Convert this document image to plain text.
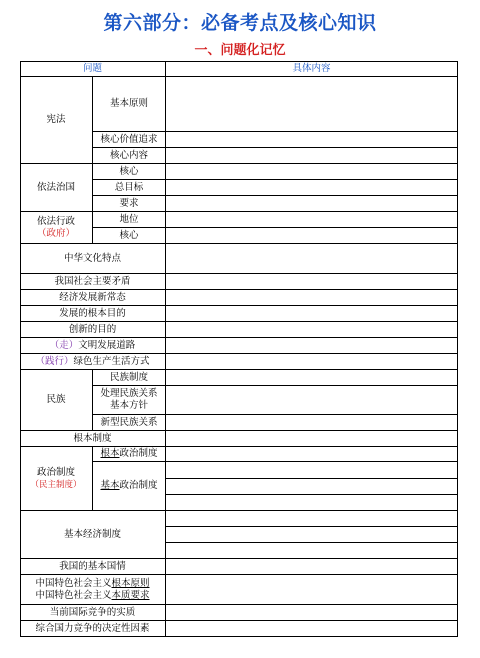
第六部分：必备考点及核心知识
一、问题化记忆
问题	具体内容
宪法
基本原则
核心价值追求
核心内容
依法治国
核心
总目标
要求
依法行政
（政府）
地位
核心
中华文化特点
我国社会主要矛盾
经济发展新常态
发展的根本目的
创新的目的
（走） 文明发展道路
（践行） 绿色生产生活方式
民族
民族制度
处理民族关系
基本方针
新型民族关系
根本制度
政治制度
（民主制度）
根本 政治制度
基本 政治制度
基本经济制度
我国的基本国情
中国特色社会主义根本原则
中国特色社会主义本质要求
当前国际竞争的实质
综合国力竞争的决定性因素
